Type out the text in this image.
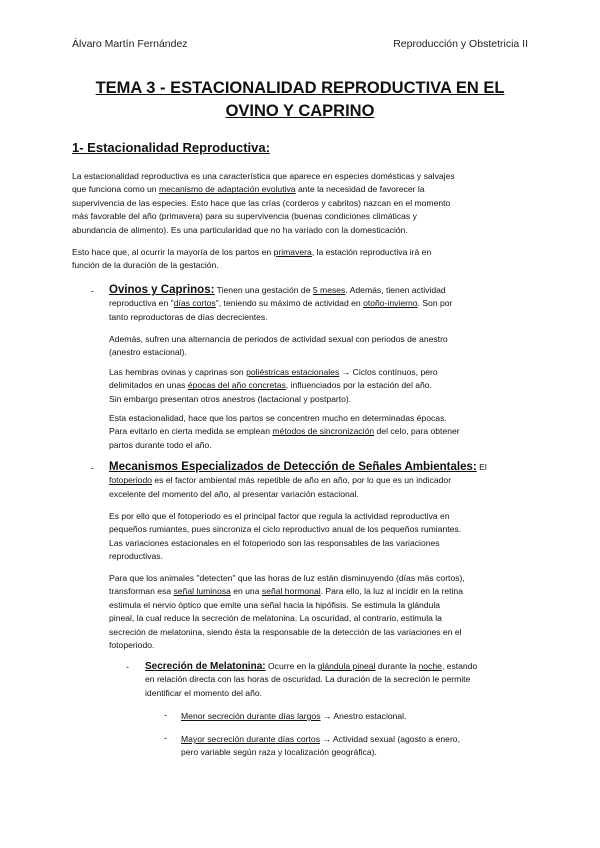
Álvaro Martín Fernández	Reproducción y Obstetricia II
TEMA 3 - ESTACIONALIDAD REPRODUCTIVA EN EL
OVINO Y CAPRINO
1- Estacionalidad Reproductiva:
La estacionalidad reproductiva es una característica que aparece en especies domésticas y salvajes
que funciona como un mecanismo de adaptación evolutiva ante la necesidad de favorecer la
supervivencia de las especies. Esto hace que las crías (corderos y cabritos) nazcan en el momento
más favorable del año (primavera) para su supervivencia (buenas condiciones climáticas y
abundancia de alimento). Es una particularidad que no ha variado con la domesticación.
Esto hace que, al ocurrir la mayoría de los partos en primavera, la estación reproductiva irá en
función de la duración de la gestación.
- Ovinos y Caprinos: Tienen una gestación de 5 meses. Además, tienen actividad
reproductiva en "días cortos", teniendo su máximo de actividad en otoño-invierno. Son por
tanto reproductoras de días decrecientes.
Además, sufren una alternancia de periodos de actividad sexual con periodos de anestro
(anestro estacional).
Las hembras ovinas y caprinas son poliéstricas estacionales → Ciclos contínuos, pero
delimitados en unas épocas del año concretas, influenciados por la estación del año.
Sin embargo presentan otros anestros (lactacional y postparto).
Esta estacionalidad, hace que los partos se concentren mucho en determinadas épocas.
Para evitarlo en cierta medida se emplean métodos de sincronización del celo, para obtener
partos durante todo el año.
- Mecanismos Especializados de Detección de Señales Ambientales: El
fotoperiodo es el factor ambiental más repetible de año en año, por lo que es un indicador
excelente del momento del año, al presentar variación estacional.
Es por ello que el fotoperiodo es el principal factor que regula la actividad reproductiva en
pequeños rumiantes, pues sincroniza el ciclo reproductivo anual de los pequeños rumiantes.
Las variaciones estacionales en el fotoperiodo son las responsables de las variaciones
reproductivas.
Para que los animales "detecten" que las horas de luz están disminuyendo (días más cortos),
transforman esa señal luminosa en una señal hormonal. Para ello, la luz al incidir en la retina
estimula el nervio óptico que emite una señal hacia la hipófisis. Se estimula la glándula
pineal, la cual reduce la secreción de melatonina. La oscuridad, al contrario, estimula la
secreción de melatonina, siendo ésta la responsable de la detección de las variaciones en el
fotoperiodo.
- Secreción de Melatonina: Ocurre en la glándula pineal durante la noche, estando
en relación directa con las horas de oscuridad. La duración de la secreción le permite
identificar el momento del año.
- Menor secreción durante días largos → Anestro estacional.
- Mayor secreción durante días cortos → Actividad sexual (agosto a enero,
pero variable según raza y localización geográfica).
